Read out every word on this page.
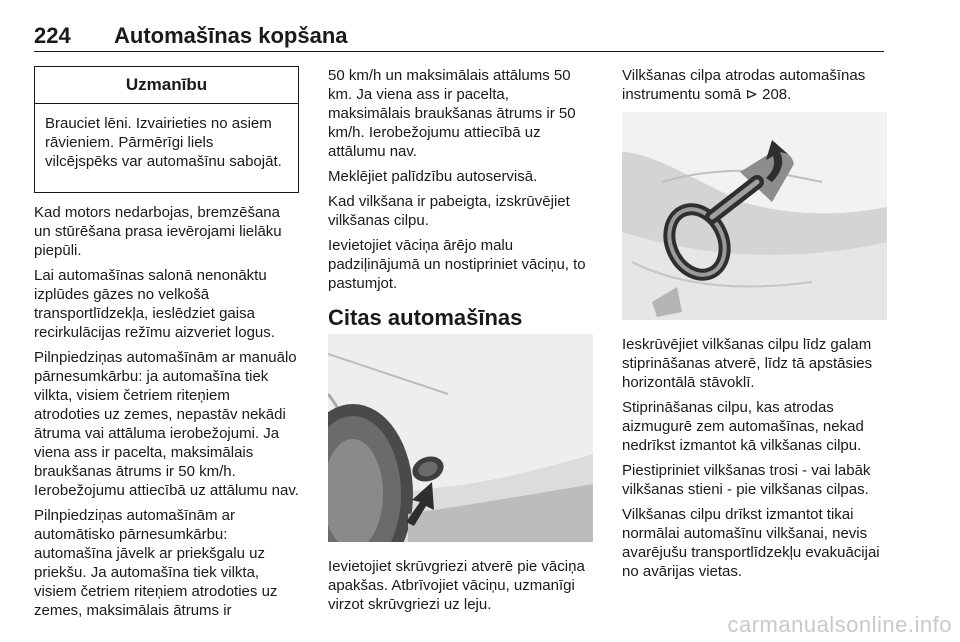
224 Automašīnas kopšana
Uzmanību
Brauciet lēni. Izvairieties no asiem rāvieniem. Pārmērīgi liels vilcējspēks var automašīnu sabojāt.

Kad motors nedarbojas, bremzēšana un stūrēšana prasa ievērojami lielāku piepūli.

Lai automašīnas salonā nenonāktu izplūdes gāzes no velkošā transportlīdzekļa, ieslēdziet gaisa recirkulācijas režīmu aizveriet logus.

Pilnpiedziņas automašīnām ar manuālo pārnesumkārbu: ja automašīna tiek vilkta, visiem četriem riteņiem atrodoties uz zemes, nepastāv nekādi ātruma vai attāluma ierobežojumi. Ja viena ass ir pacelta, maksimālais braukšanas ātrums ir 50 km/h. Ierobežojumu attiecībā uz attālumu nav.

Pilnpiedziņas automašīnām ar automātisko pārnesumkārbu: automašīna jāvelk ar priekšgalu uz priekšu. Ja automašīna tiek vilkta, visiem četriem riteņiem atrodoties uz zemes, maksimālais ātrums ir

50 km/h un maksimālais attālums 50 km. Ja viena ass ir pacelta, maksimālais braukšanas ātrums ir 50 km/h. Ierobežojumu attiecībā uz attālumu nav.

Meklējiet palīdzību autoservisā.

Kad vilkšana ir pabeigta, izskrūvējiet vilkšanas cilpu.

Ievietojiet vāciņa ārējo malu padziļinājumā un nostipriniet vāciņu, to pastumjot.

Citas automašīnas

Ievietojiet skrūvgriezi atverē pie vāciņa apakšas. Atbrīvojiet vāciņu, uzmanīgi virzot skrūvgriezi uz leju.

Vilkšanas cilpa atrodas automašīnas instrumentu somā ⊳ 208.

Ieskrūvējiet vilkšanas cilpu līdz galam stiprināšanas atverē, līdz tā apstāsies horizontālā stāvoklī.

Stiprināšanas cilpu, kas atrodas aizmugurē zem automašīnas, nekad nedrīkst izmantot kā vilkšanas cilpu.

Piestipriniet vilkšanas trosi - vai labāk vilkšanas stieni - pie vilkšanas cilpas.

Vilkšanas cilpu drīkst izmantot tikai normālai automašīnu vilkšanai, nevis avarējušu transportlīdzekļu evakuācijai no avārijas vietas.

carmanualsonline.info
